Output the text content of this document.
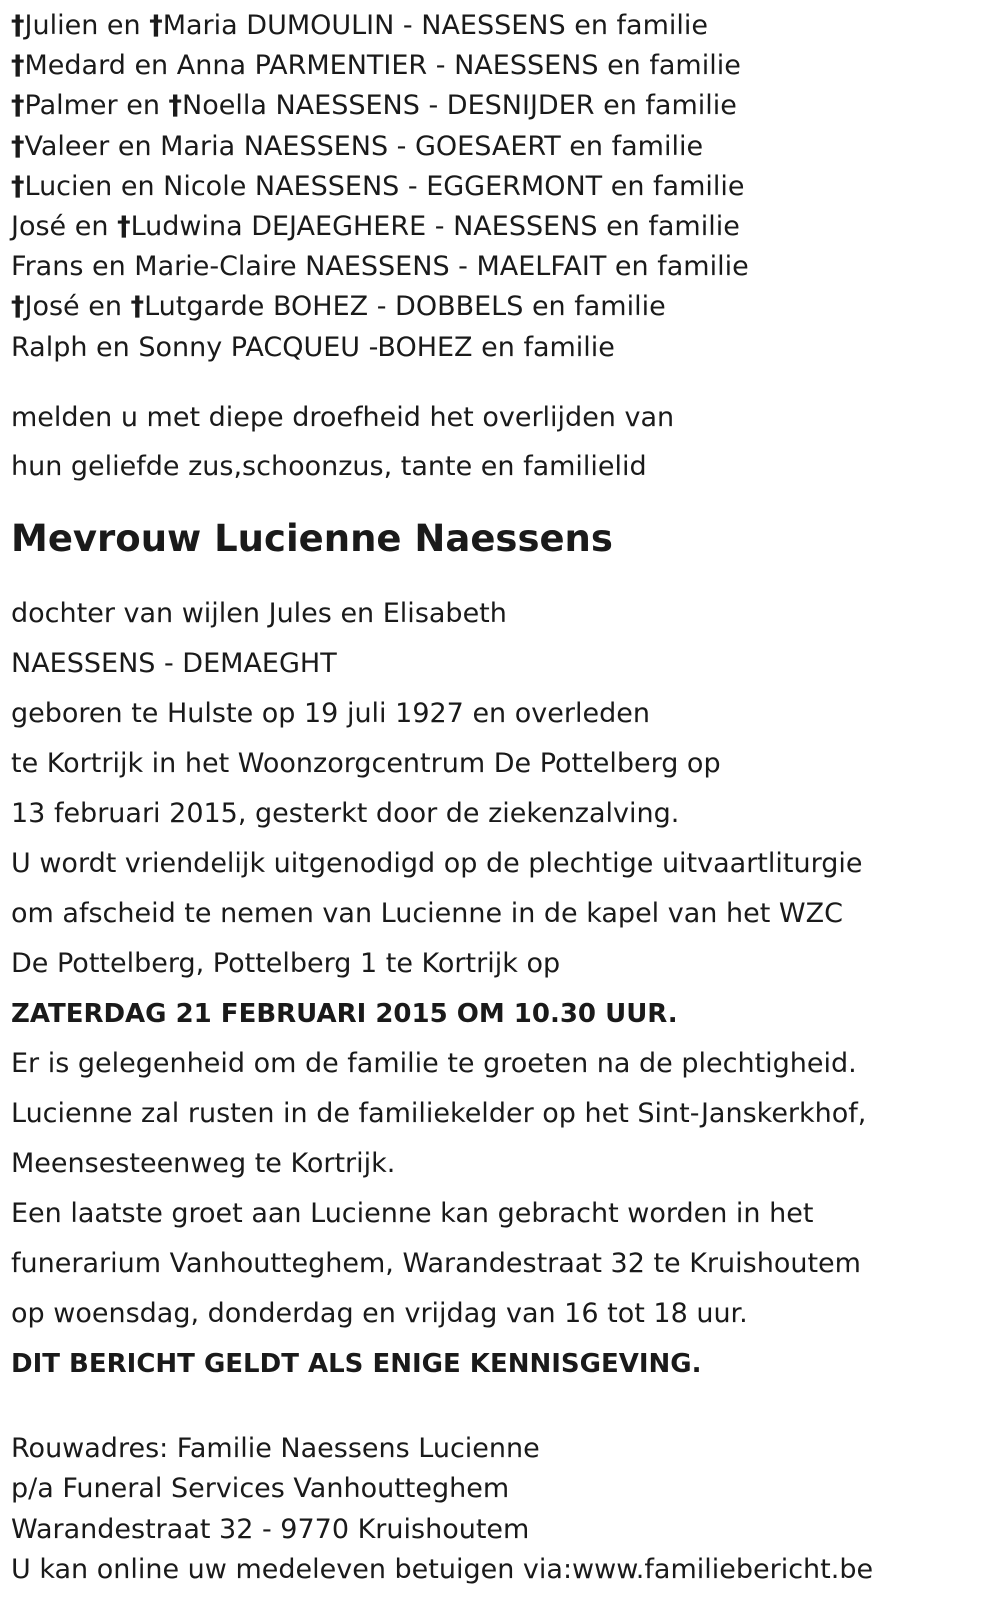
†Julien en †Maria DUMOULIN - NAESSENS en familie
†Medard en Anna PARMENTIER - NAESSENS en familie
†Palmer en †Noella NAESSENS - DESNIJDER en familie
†Valeer en Maria NAESSENS - GOESAERT en familie
†Lucien en Nicole NAESSENS - EGGERMONT en familie
José en †Ludwina DEJAEGHERE - NAESSENS en familie
Frans en Marie-Claire NAESSENS - MAELFAIT en familie
†José en †Lutgarde BOHEZ - DOBBELS en familie
Ralph en Sonny PACQUEU -BOHEZ en familie
melden u met diepe droefheid het overlijden van
hun geliefde zus,schoonzus, tante en familielid
Mevrouw Lucienne Naessens
dochter van wijlen Jules en Elisabeth
NAESSENS - DEMAEGHT
geboren te Hulste op 19 juli 1927 en overleden
te Kortrijk in het Woonzorgcentrum De Pottelberg op
13 februari 2015, gesterkt door de ziekenzalving.
U wordt vriendelijk uitgenodigd op de plechtige uitvaartliturgie
om afscheid te nemen van Lucienne in de kapel van het WZC
De Pottelberg, Pottelberg 1 te Kortrijk op
ZATERDAG 21 FEBRUARI 2015 OM 10.30 UUR.
Er is gelegenheid om de familie te groeten na de plechtigheid.
Lucienne zal rusten in de familiekelder op het Sint-Janskerkhof,
Meensesteenweg te Kortrijk.
Een laatste groet aan Lucienne kan gebracht worden in het
funerarium Vanhoutteghem, Warandestraat 32 te Kruishoutem
op woensdag, donderdag en vrijdag van 16 tot 18 uur.
DIT BERICHT GELDT ALS ENIGE KENNISGEVING.
Rouwadres: Familie Naessens Lucienne
p/a Funeral Services Vanhoutteghem
Warandestraat 32 - 9770 Kruishoutem
U kan online uw medeleven betuigen via:www.familiebericht.be
